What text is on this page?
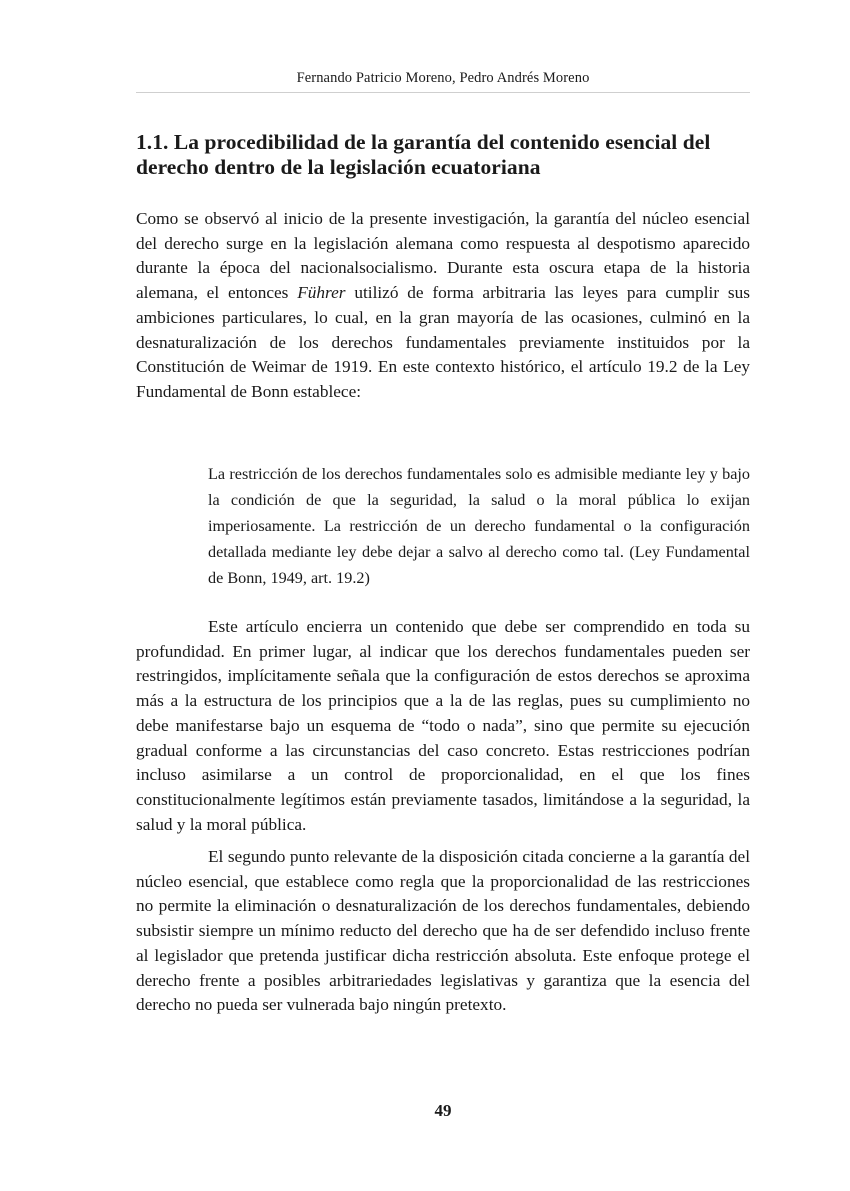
Fernando Patricio Moreno, Pedro Andrés Moreno
1.1. La procedibilidad de la garantía del contenido esencial del derecho dentro de la legislación ecuatoriana

Como se observó al inicio de la presente investigación, la garantía del núcleo esencial del derecho surge en la legislación alemana como respuesta al despotismo aparecido durante la época del nacionalsocialismo. Durante esta oscura etapa de la historia alemana, el entonces Führer utilizó de forma arbitraria las leyes para cumplir sus ambiciones particulares, lo cual, en la gran mayoría de las ocasiones, culminó en la desnaturalización de los derechos fundamentales previamente instituidos por la Constitución de Weimar de 1919. En este contexto histórico, el artículo 19.2 de la Ley Fundamental de Bonn establece:

La restricción de los derechos fundamentales solo es admisible mediante ley y bajo la condición de que la seguridad, la salud o la moral pública lo exijan imperiosamente. La restricción de un derecho fundamental o la configuración detallada mediante ley debe dejar a salvo al derecho como tal. (Ley Fundamental de Bonn, 1949, art. 19.2)

Este artículo encierra un contenido que debe ser comprendido en toda su profundidad. En primer lugar, al indicar que los derechos fundamentales pueden ser restringidos, implícitamente señala que la configuración de estos derechos se aproxima más a la estructura de los principios que a la de las reglas, pues su cumplimiento no debe manifestarse bajo un esquema de “todo o nada”, sino que permite su ejecución gradual conforme a las circunstancias del caso concreto. Estas restricciones podrían incluso asimilarse a un control de proporcionalidad, en el que los fines constitucionalmente legítimos están previamente tasados, limitándose a la seguridad, la salud y la moral pública.

El segundo punto relevante de la disposición citada concierne a la garantía del núcleo esencial, que establece como regla que la proporcionalidad de las restricciones no permite la eliminación o desnaturalización de los derechos fundamentales, debiendo subsistir siempre un mínimo reducto del derecho que ha de ser defendido incluso frente al legislador que pretenda justificar dicha restricción absoluta. Este enfoque protege el derecho frente a posibles arbitrariedades legislativas y garantiza que la esencia del derecho no pueda ser vulnerada bajo ningún pretexto.

49
